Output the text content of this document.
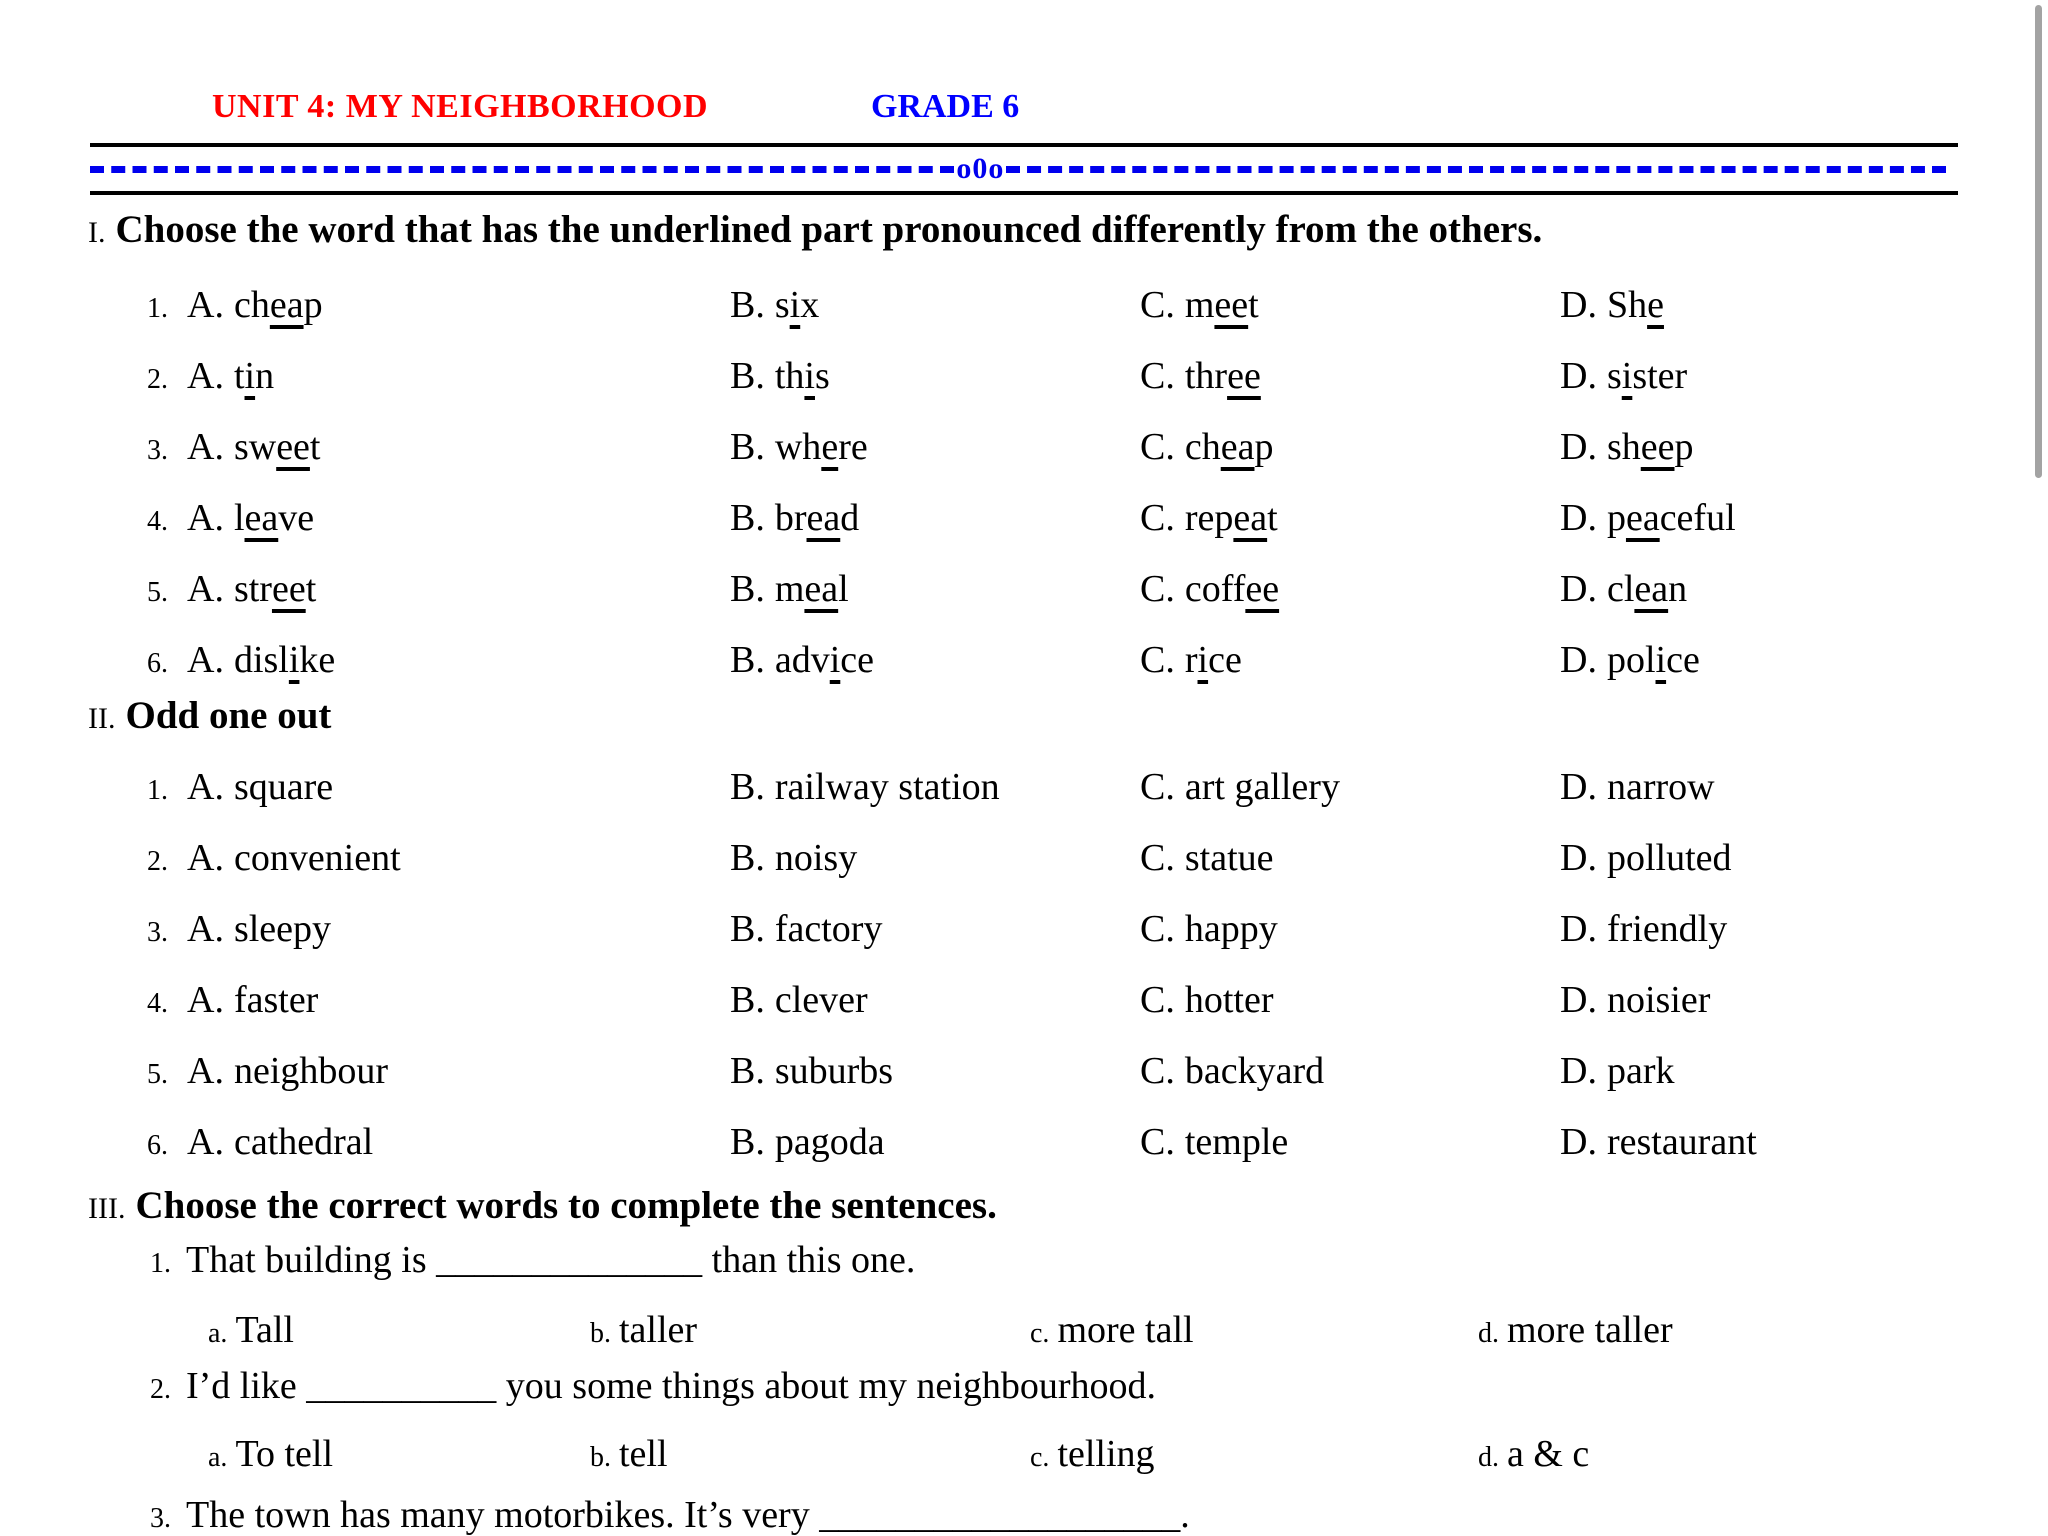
UNIT 4: MY NEIGHBORHOOD	GRADE 6
o0o
I. Choose the word that has the underlined part pronounced differently from the others.
1. A. cheap	B. six	C. meet	D. She
2. A. tin	B. this	C. three	D. sister
3. A. sweet	B. where	C. cheap	D. sheep
4. A. leave	B. bread	C. repeat	D. peaceful
5. A. street	B. meal	C. coffee	D. clean
6. A. dislike	B. advice	C. rice	D. police
II. Odd one out
1. A. square	B. railway station	C. art gallery	D. narrow
2. A. convenient	B. noisy	C. statue	D. polluted
3. A. sleepy	B. factory	C. happy	D. friendly
4. A. faster	B. clever	C. hotter	D. noisier
5. A. neighbour	B. suburbs	C. backyard	D. park
6. A. cathedral	B. pagoda	C. temple	D. restaurant
III. Choose the correct words to complete the sentences.
1. That building is ______________ than this one.
a. Tall	b. taller	c. more tall	d. more taller
2. I’d like __________ you some things about my neighbourhood.
a. To tell	b. tell	c. telling	d. a & c
3. The town has many motorbikes. It’s very ___________________.
